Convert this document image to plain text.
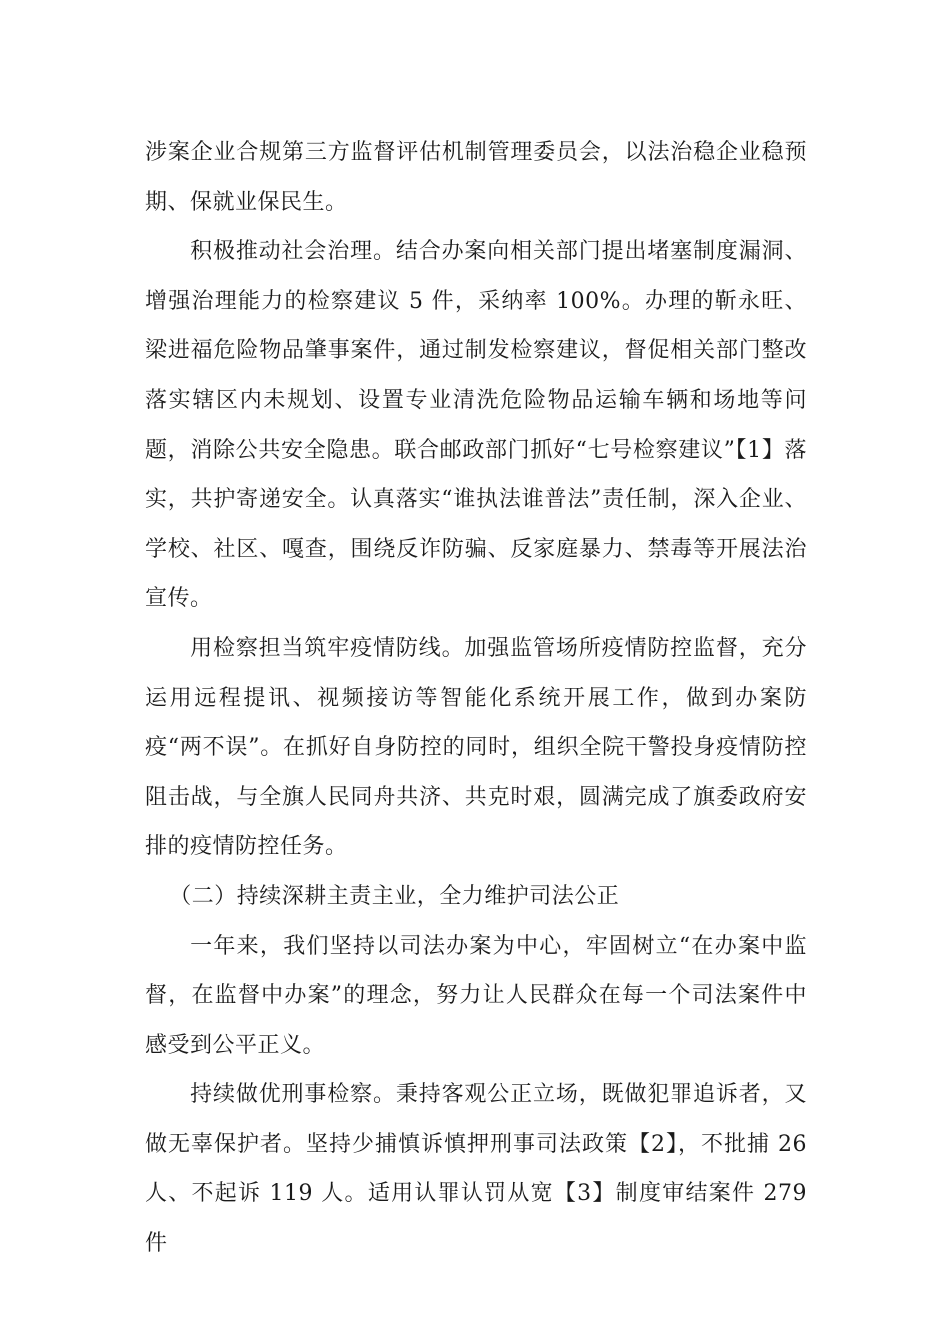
涉案企业合规第三方监督评估机制管理委员会，以法治稳企业稳预期、保就业保民生。

积极推动社会治理。结合办案向相关部门提出堵塞制度漏洞、增强治理能力的检察建议 5 件，采纳率 100%。办理的靳永旺、梁进福危险物品肇事案件，通过制发检察建议，督促相关部门整改落实辖区内未规划、设置专业清洗危险物品运输车辆和场地等问题，消除公共安全隐患。联合邮政部门抓好“七号检察建议”【1】落实，共护寄递安全。认真落实“谁执法谁普法”责任制，深入企业、学校、社区、嘎查，围绕反诈防骗、反家庭暴力、禁毒等开展法治宣传。

用检察担当筑牢疫情防线。加强监管场所疫情防控监督，充分运用远程提讯、视频接访等智能化系统开展工作，做到办案防疫“两不误”。在抓好自身防控的同时，组织全院干警投身疫情防控阻击战，与全旗人民同舟共济、共克时艰，圆满完成了旗委政府安排的疫情防控任务。

（二）持续深耕主责主业，全力维护司法公正

一年来，我们坚持以司法办案为中心，牢固树立“在办案中监督，在监督中办案”的理念，努力让人民群众在每一个司法案件中感受到公平正义。

持续做优刑事检察。秉持客观公正立场，既做犯罪追诉者，又做无辜保护者。坚持少捕慎诉慎押刑事司法政策【2】，不批捕 26 人、不起诉 119 人。适用认罪认罚从宽【3】制度审结案件 279 件
